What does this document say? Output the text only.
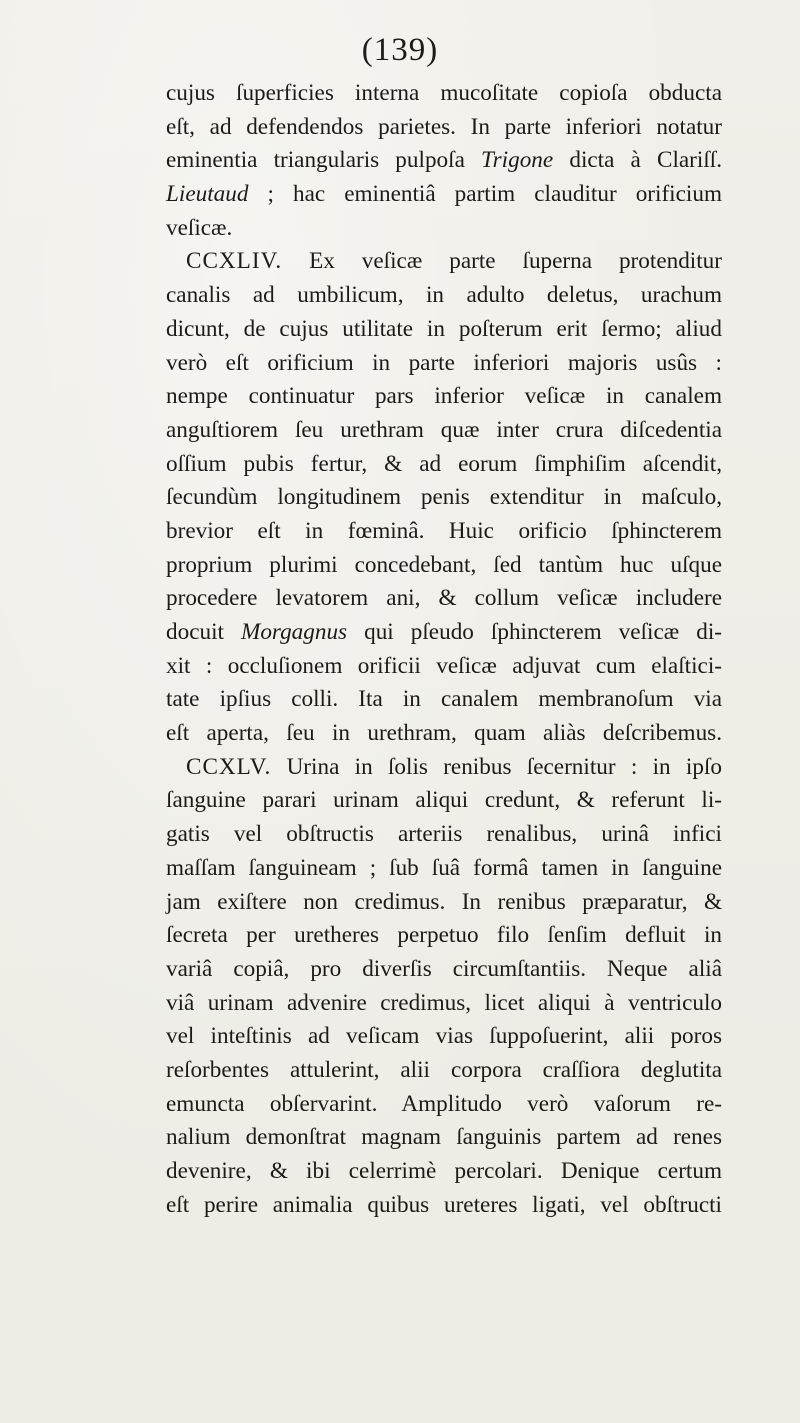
(139)
cujus ſuperficies interna mucoſitate copioſa obducta
eſt, ad defendendos parietes. In parte inferiori notatur
eminentia triangularis pulpoſa Trigone dicta à Clariſſ.
Lieutaud ; hac eminentiâ partim clauditur orificium
veſicæ.
CCXLIV. Ex veſicæ parte ſuperna protenditur
canalis ad umbilicum, in adulto deletus, urachum
dicunt, de cujus utilitate in poſterum erit ſermo; aliud
verò eſt orificium in parte inferiori majoris usûs :
nempe continuatur pars inferior veſicæ in canalem
anguſtiorem ſeu urethram quæ inter crura diſcedentia
oſſium pubis fertur, & ad eorum ſimphiſim aſcendit,
ſecundùm longitudinem penis extenditur in maſculo,
brevior eſt in fœminâ. Huic orificio ſphincterem
proprium plurimi concedebant, ſed tantùm huc uſque
procedere levatorem ani, & collum veſicæ includere
docuit Morgagnus qui pſeudo ſphincterem veſicæ di-
xit : occluſionem orificii veſicæ adjuvat cum elaſtici-
tate ipſius colli. Ita in canalem membranoſum via
eſt aperta, ſeu in urethram, quam aliàs deſcribemus.
CCXLV. Urina in ſolis renibus ſecernitur : in ipſo
ſanguine parari urinam aliqui credunt, & referunt li-
gatis vel obſtructis arteriis renalibus, urinâ infici
maſſam ſanguineam ; ſub ſuâ formâ tamen in ſanguine
jam exiſtere non credimus. In renibus præparatur, &
ſecreta per uretheres perpetuo filo ſenſim defluit in
variâ copiâ, pro diverſis circumſtantiis. Neque aliâ
viâ urinam advenire credimus, licet aliqui à ventriculo
vel inteſtinis ad veſicam vias ſuppoſuerint, alii poros
reſorbentes attulerint, alii corpora craſſiora deglutita
emuncta obſervarint. Amplitudo verò vaſorum re-
nalium demonſtrat magnam ſanguinis partem ad renes
devenire, & ibi celerrimè percolari. Denique certum
eſt perire animalia quibus ureteres ligati, vel obſtructi
